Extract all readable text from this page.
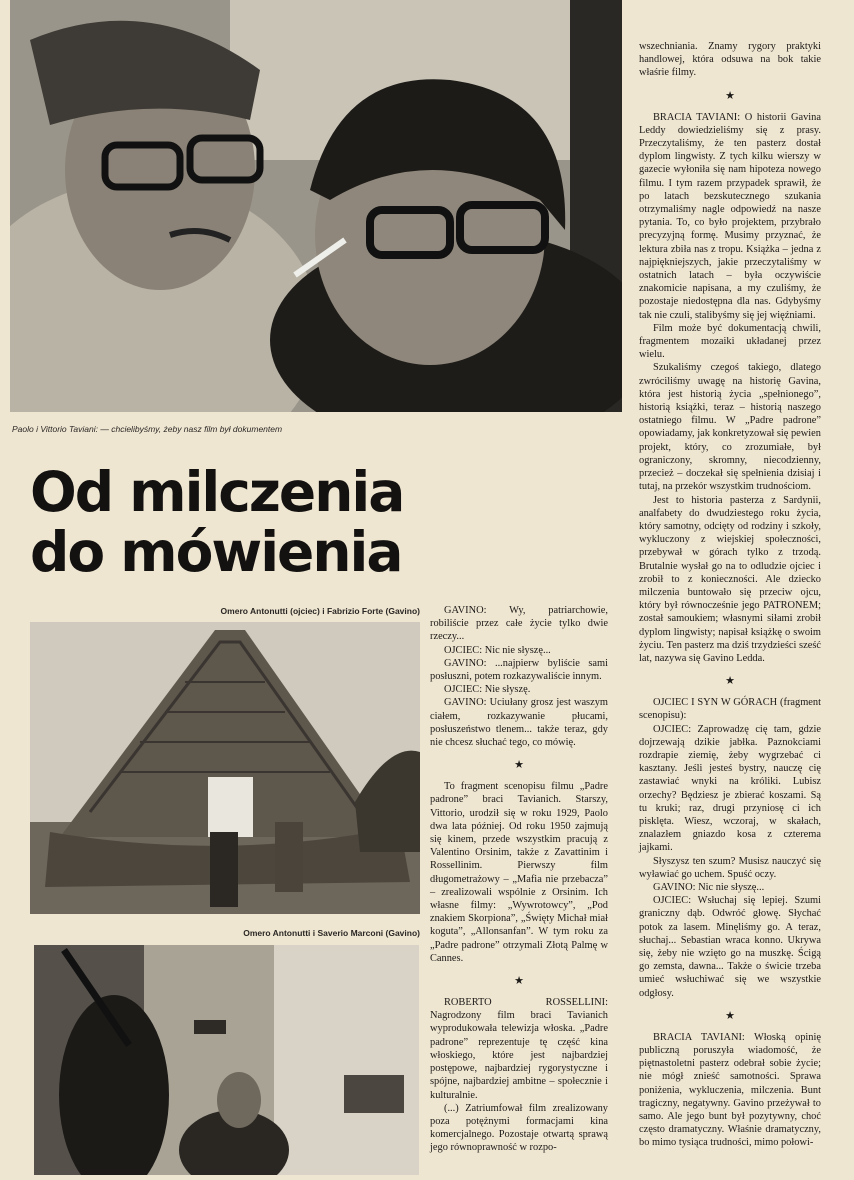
Paolo i Vittorio Taviani: — chcielibyśmy, żeby nasz film był dokumentem
Od milczenia
do mówienia
Omero Antonutti (ojciec) i Fabrizio Forte (Gavino)
Omero Antonutti i Saverio Marconi (Gavino)

GAVINO: Wy, patriarchowie, robiliście przez całe życie tylko dwie rzeczy...

OJCIEC: Nic nie słyszę...

GAVINO: ...najpierw byliście sami posłuszni, potem rozkazywaliście innym.

OJCIEC: Nie słyszę.

GAVINO: Uciułany grosz jest waszym ciałem, rozkazywanie płucami, posłuszeństwo tlenem... także teraz, gdy nie chcesz słuchać tego, co mówię.

★

To fragment scenopisu filmu „Padre padrone” braci Tavianich. Starszy, Vittorio, urodził się w roku 1929, Paolo dwa lata później. Od roku 1950 zajmują się kinem, przede wszystkim pracują z Valentino Orsinim, także z Zavattinim i Rossellinim. Pierwszy film długometrażowy – „Mafia nie przebacza” – zrealizowali wspólnie z Orsinim. Ich własne filmy: „Wywrotowcy”, „Pod znakiem Skorpiona”, „Święty Michał miał koguta”, „Allonsanfan”. W tym roku za „Padre padrone” otrzymali Złotą Palmę w Cannes.

★

ROBERTO ROSSELLINI: Nagrodzony film braci Tavianich wyprodukowała telewizja włoska. „Padre padrone” reprezentuje tę część kina włoskiego, które jest najbardziej postępowe, najbardziej rygorystyczne i spójne, najbardziej ambitne – społecznie i kulturalnie.

(...) Zatriumfował film zrealizowany poza potężnymi formacjami kina komercjalnego. Pozostaje otwartą sprawą jego równoprawność w rozpo-

wszechniania. Znamy rygory praktyki handlowej, która odsuwa na bok takie właśrie filmy.

★

BRACIA TAVIANI: O historii Gavina Leddy dowiedzieliśmy się z prasy. Przeczytaliśmy, że ten pasterz dostał dyplom lingwisty. Z tych kilku wierszy w gazecie wyłoniła się nam hipoteza nowego filmu. I tym razem przypadek sprawił, że po latach bezskutecznego szukania otrzymaliśmy nagle odpowiedź na nasze pytania. To, co było projektem, przybrało precyzyjną formę. Musimy przyznać, że lektura zbiła nas z tropu. Książka – jedna z najpiękniejszych, jakie przeczytaliśmy w ostatnich latach – była oczywiście znakomicie napisana, a my czuliśmy, że pozostaje niedostępna dla nas. Gdybyśmy tak nie czuli, stalibyśmy się jej więźniami.

Film może być dokumentacją chwili, fragmentem mozaiki układanej przez wielu.

Szukaliśmy czegoś takiego, dlatego zwróciliśmy uwagę na historię Gavina, która jest historią życia „spełnionego”, historią książki, teraz – historią naszego ostatniego filmu. W „Padre padrone” opowiadamy, jak konkretyzował się pewien projekt, który, co zrozumiałe, był ograniczony, skromny, niecodzienny, przecież – doczekał się spełnienia dzisiaj i tutaj, na przekór wszystkim trudnościom.

Jest to historia pasterza z Sardynii, analfabety do dwudziestego roku życia, który samotny, odcięty od rodziny i szkoły, wykluczony z wiejskiej społeczności, przebywał w górach tylko z trzodą. Brutalnie wysłał go na to odludzie ojciec i zrobił to z konieczności. Ale dziecko milczenia buntowało się przeciw ojcu, który był równocześnie jego PATRONEM; został samoukiem; własnymi siłami zrobił dyplom lingwisty; napisał książkę o swoim życiu. Ten pasterz ma dziś trzydzieści sześć lat, nazywa się Gavino Ledda.

★

OJCIEC I SYN W GÓRACH (fragment scenopisu):

OJCIEC: Zaprowadzę cię tam, gdzie dojrzewają dzikie jabłka. Paznokciami rozdrapie ziemię, żeby wygrzebać ci kasztany. Jeśli jesteś bystry, nauczę cię zastawiać wnyki na króliki. Lubisz orzechy? Będziesz je zbierać koszami. Są tu kruki; raz, drugi przyniosę ci ich pisklęta. Wiesz, wczoraj, w skałach, znalazłem gniazdo kosa z czterema jajkami.

Słyszysz ten szum? Musisz nauczyć się wyławiać go uchem. Spuść oczy.

GAVINO: Nic nie słyszę...

OJCIEC: Wsłuchaj się lepiej. Szumi graniczny dąb. Odwróć głowę. Słychać potok za lasem. Minęliśmy go. A teraz, słuchaj... Sebastian wraca konno. Ukrywa się, żeby nie wzięto go na muszkę. Ścigą go zemsta, dawna... Także o świcie trzeba umieć wsłuchiwać się we wszystkie odgłosy.

★

BRACIA TAVIANI: Włoską opinię publiczną poruszyła wiadomość, że piętnastoletni pasterz odebrał sobie życie; nie mógł znieść samotności. Sprawa poniżenia, wykluczenia, milczenia. Bunt tragiczny, negatywny. Gavino przeżywał to samo. Ale jego bunt był pozytywny, choć często dramatyczny. Właśnie dramatyczny, bo mimo tysiąca trudności, mimo połowi-
